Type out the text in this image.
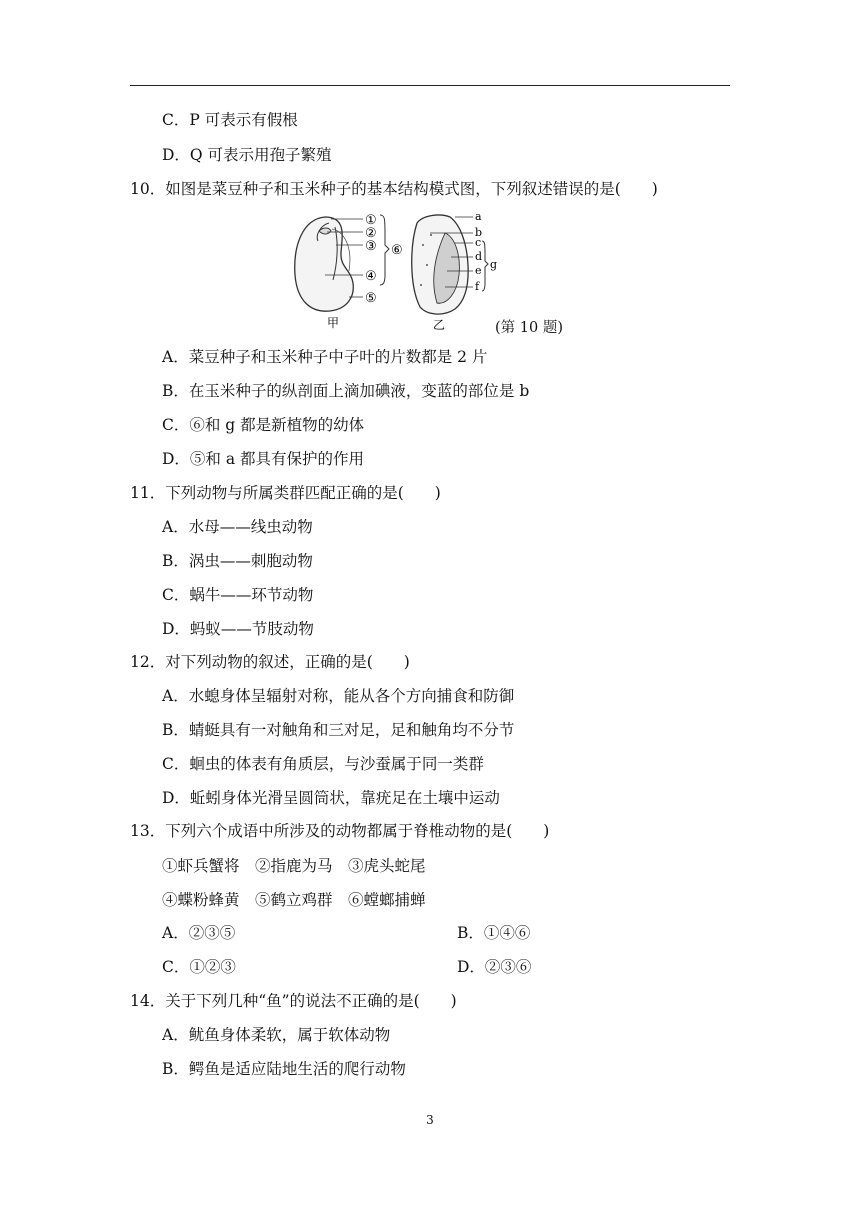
C．P 可表示有假根
D．Q 可表示用孢子繁殖
10．如图是菜豆种子和玉米种子的基本结构模式图，下列叙述错误的是(　　)
①
②
③
④
⑤
⑥
a
b
c
d
e
f
g
甲	乙	(第 10 题)
A．菜豆种子和玉米种子中子叶的片数都是 2 片
B．在玉米种子的纵剖面上滴加碘液，变蓝的部位是 b
C．⑥和 g 都是新植物的幼体
D．⑤和 a 都具有保护的作用
11．下列动物与所属类群匹配正确的是(　　)
A．水母——线虫动物
B．涡虫——刺胞动物
C．蜗牛——环节动物
D．蚂蚁——节肢动物
12．对下列动物的叙述，正确的是(　　)
A．水螅身体呈辐射对称，能从各个方向捕食和防御
B．蜻蜓具有一对触角和三对足，足和触角均不分节
C．蛔虫的体表有角质层，与沙蚕属于同一类群
D．蚯蚓身体光滑呈圆筒状，靠疣足在土壤中运动
13．下列六个成语中所涉及的动物都属于脊椎动物的是(　　)
①虾兵蟹将　②指鹿为马　③虎头蛇尾
④蝶粉蜂黄　⑤鹤立鸡群　⑥螳螂捕蝉
A．②③⑤	B．①④⑥
C．①②③	D．②③⑥
14．关于下列几种“鱼”的说法不正确的是(　　)
A．鱿鱼身体柔软，属于软体动物
B．鳄鱼是适应陆地生活的爬行动物
3
